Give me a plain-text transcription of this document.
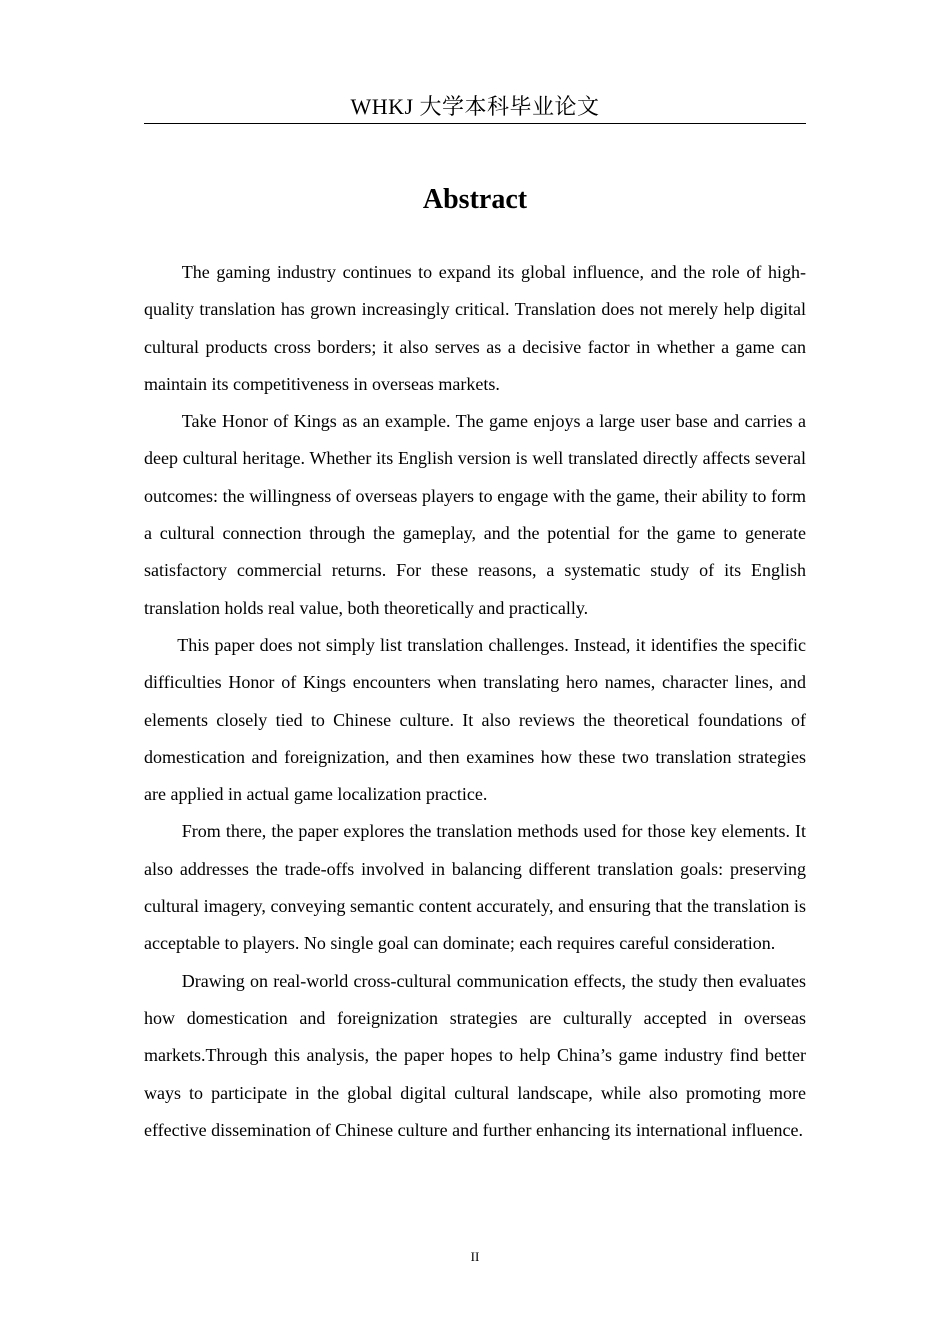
WHKJ 大学本科毕业论文
Abstract

The gaming industry continues to expand its global influence, and the role of high-quality translation has grown increasingly critical. Translation does not merely help digital cultural products cross borders; it also serves as a decisive factor in whether a game can maintain its competitiveness in overseas markets.

Take Honor of Kings as an example. The game enjoys a large user base and carries a deep cultural heritage. Whether its English version is well translated directly affects several outcomes: the willingness of overseas players to engage with the game, their ability to form a cultural connection through the gameplay, and the potential for the game to generate satisfactory commercial returns. For these reasons, a systematic study of its English translation holds real value, both theoretically and practically.

This paper does not simply list translation challenges. Instead, it identifies the specific difficulties Honor of Kings encounters when translating hero names, character lines, and elements closely tied to Chinese culture. It also reviews the theoretical foundations of domestication and foreignization, and then examines how these two translation strategies are applied in actual game localization practice.

From there, the paper explores the translation methods used for those key elements. It also addresses the trade-offs involved in balancing different translation goals: preserving cultural imagery, conveying semantic content accurately, and ensuring that the translation is acceptable to players. No single goal can dominate; each requires careful consideration.

Drawing on real-world cross-cultural communication effects, the study then evaluates how domestication and foreignization strategies are culturally accepted in overseas markets.Through this analysis, the paper hopes to help China’s game industry find better ways to participate in the global digital cultural landscape, while also promoting more effective dissemination of Chinese culture and further enhancing its international influence.

II
